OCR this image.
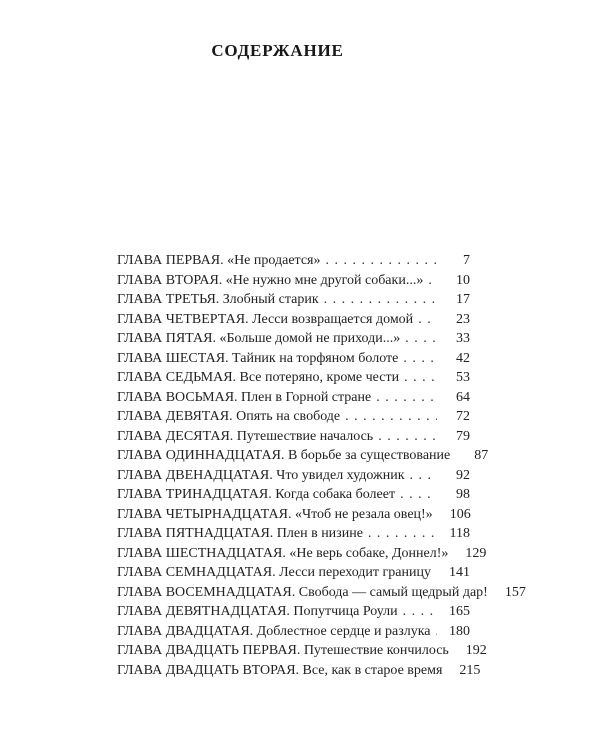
СОДЕРЖАНИЕ
ГЛАВА ПЕРВАЯ. «Не продается» . . .	7
ГЛАВА ВТОРАЯ. «Не нужно мне другой собаки...» . . .	10
ГЛАВА ТРЕТЬЯ. Злобный старик . . .	17
ГЛАВА ЧЕТВЕРТАЯ. Лесси возвращается домой . . .	23
ГЛАВА ПЯТАЯ. «Больше домой не приходи...» . . .	33
ГЛАВА ШЕСТАЯ. Тайник на торфяном болоте . . .	42
ГЛАВА СЕДЬМАЯ. Все потеряно, кроме чести . . .	53
ГЛАВА ВОСЬМАЯ. Плен в Горной стране . . .	64
ГЛАВА ДЕВЯТАЯ. Опять на свободе . . .	72
ГЛАВА ДЕСЯТАЯ. Путешествие началось . . .	79
ГЛАВА ОДИННАДЦАТАЯ. В борьбе за существование	87
ГЛАВА ДВЕНАДЦАТАЯ. Что увидел художник . . .	92
ГЛАВА ТРИНАДЦАТАЯ. Когда собака болеет . . .	98
ГЛАВА ЧЕТЫРНАДЦАТАЯ. «Чтоб не резала овец!»	106
ГЛАВА ПЯТНАДЦАТАЯ. Плен в низине . . .	118
ГЛАВА ШЕСТНАДЦАТАЯ. «Не верь собаке, Доннел!»	129
ГЛАВА СЕМНАДЦАТАЯ. Лесси переходит границу . . .	141
ГЛАВА ВОСЕМНАДЦАТАЯ. Свобода — самый щедрый дар!	157
ГЛАВА ДЕВЯТНАДЦАТАЯ. Попутчица Роули . . .	165
ГЛАВА ДВАДЦАТАЯ. Доблестное сердце и разлука . . .	180
ГЛАВА ДВАДЦАТЬ ПЕРВАЯ. Путешествие кончилось	192
ГЛАВА ДВАДЦАТЬ ВТОРАЯ. Все, как в старое время	215
